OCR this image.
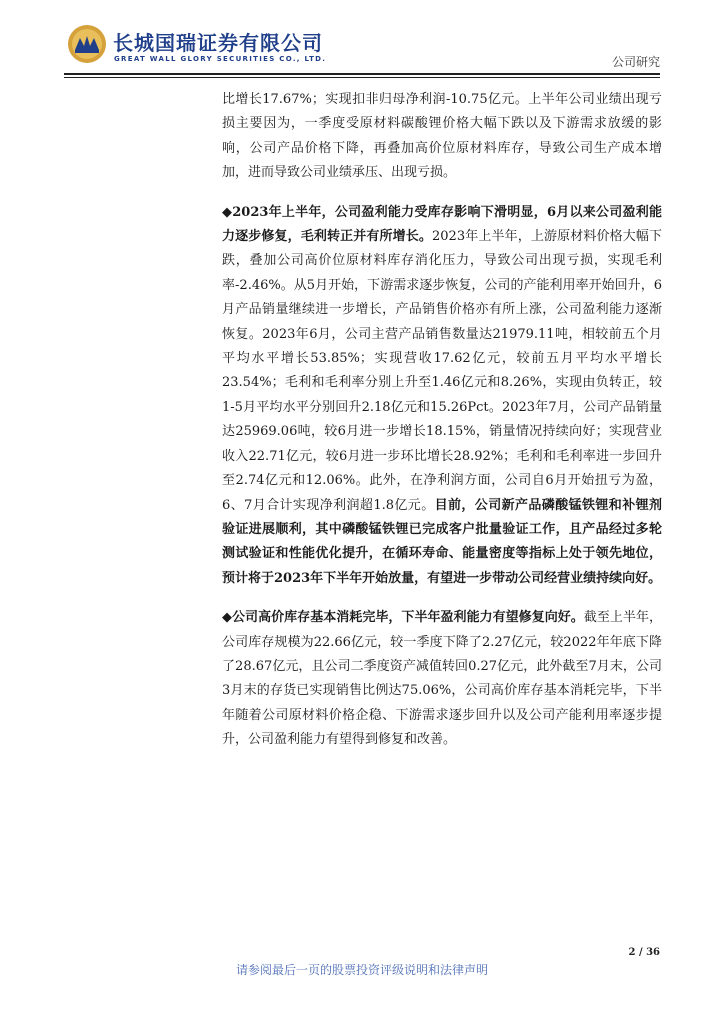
长城国瑞证券有限公司
GREAT WALL GLORY SECURITIES CO., LTD.	公司研究

比增长17.67%；实现扣非归母净利润-10.75亿元。上半年公司业绩出现亏损主要因为，一季度受原材料碳酸锂价格大幅下跌以及下游需求放缓的影响，公司产品价格下降，再叠加高价位原材料库存，导致公司生产成本增加，进而导致公司业绩承压、出现亏损。

◆2023年上半年，公司盈利能力受库存影响下滑明显，6月以来公司盈利能力逐步修复，毛利转正并有所增长。2023年上半年，上游原材料价格大幅下跌，叠加公司高价位原材料库存消化压力，导致公司出现亏损，实现毛利率-2.46%。从5月开始，下游需求逐步恢复，公司的产能利用率开始回升，6月产品销量继续进一步增长，产品销售价格亦有所上涨，公司盈利能力逐渐恢复。2023年6月，公司主营产品销售数量达21979.11吨，相较前五个月平均水平增长53.85%；实现营收17.62亿元，较前五月平均水平增长23.54%；毛利和毛利率分别上升至1.46亿元和8.26%，实现由负转正，较1-5月平均水平分别回升2.18亿元和15.26Pct。2023年7月，公司产品销量达25969.06吨，较6月进一步增长18.15%，销量情况持续向好；实现营业收入22.71亿元，较6月进一步环比增长28.92%；毛利和毛利率进一步回升至2.74亿元和12.06%。此外，在净利润方面，公司自6月开始扭亏为盈，6、7月合计实现净利润超1.8亿元。目前，公司新产品磷酸锰铁锂和补锂剂验证进展顺利，其中磷酸锰铁锂已完成客户批量验证工作，且产品经过多轮测试验证和性能优化提升，在循环寿命、能量密度等指标上处于领先地位，预计将于2023年下半年开始放量，有望进一步带动公司经营业绩持续向好。

◆公司高价库存基本消耗完毕，下半年盈利能力有望修复向好。截至上半年，公司库存规模为22.66亿元，较一季度下降了2.27亿元，较2022年年底下降了28.67亿元，且公司二季度资产减值转回0.27亿元，此外截至7月末，公司3月末的存货已实现销售比例达75.06%，公司高价库存基本消耗完毕，下半年随着公司原材料价格企稳、下游需求逐步回升以及公司产能利用率逐步提升，公司盈利能力有望得到修复和改善。

2 / 36
请参阅最后一页的股票投资评级说明和法律声明
